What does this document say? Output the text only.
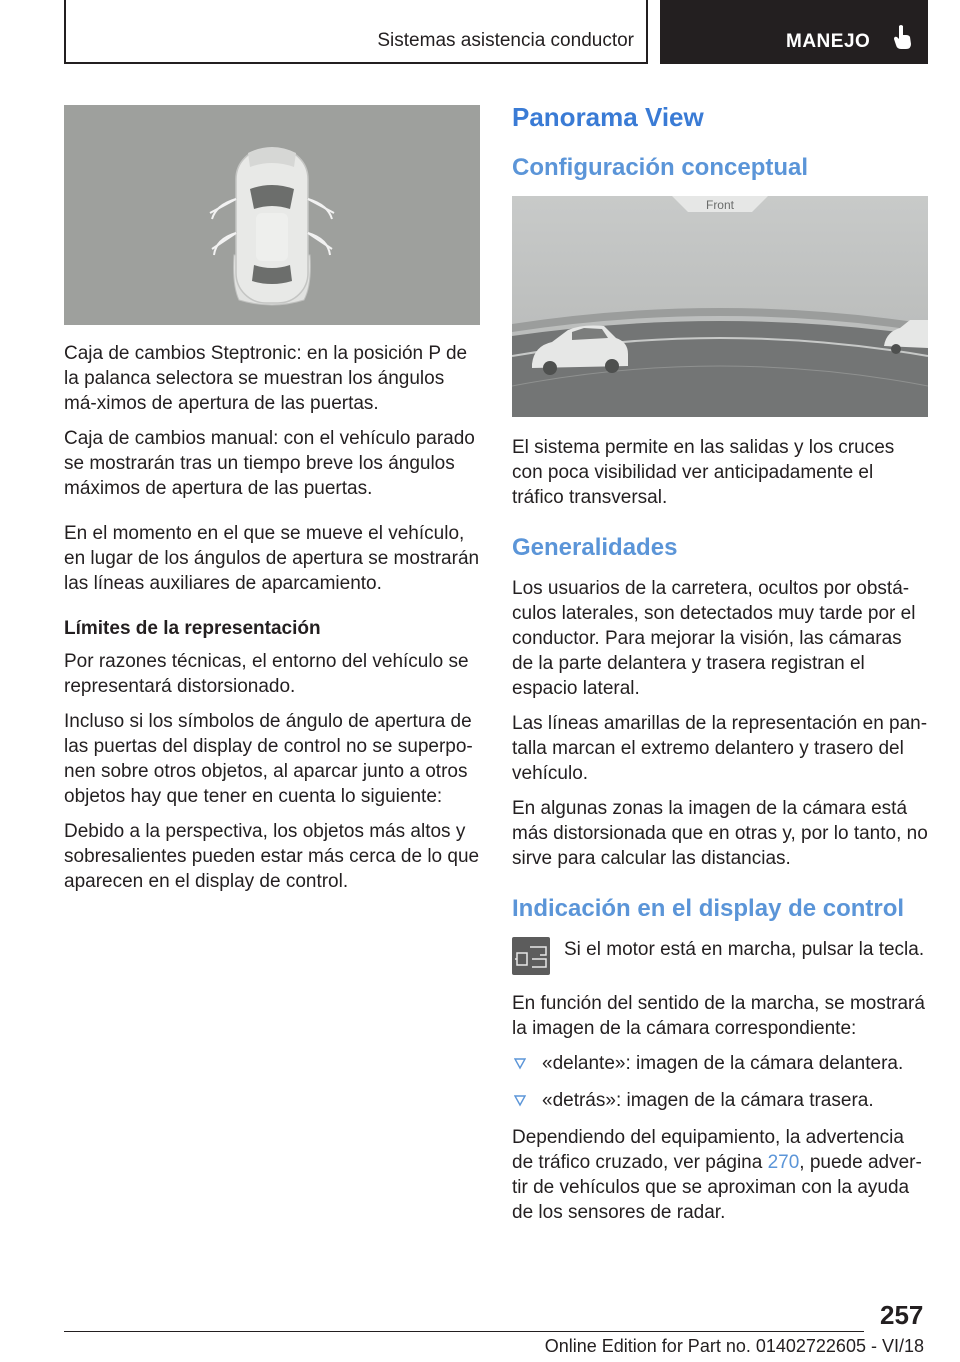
Sistemas asistencia conductor	MANEJO

Caja de cambios Steptronic: en la posición P de la palanca selectora se muestran los ángulos má-ximos de apertura de las puertas.

Caja de cambios manual: con el vehículo parado se mostrarán tras un tiempo breve los ángulos máximos de apertura de las puertas.

En el momento en el que se mueve el vehículo, en lugar de los ángulos de apertura se mostrarán las líneas auxiliares de aparcamiento.

Límites de la representación

Por razones técnicas, el entorno del vehículo se representará distorsionado.

Incluso si los símbolos de ángulo de apertura de las puertas del display de control no se superpo-nen sobre otros objetos, al aparcar junto a otros objetos hay que tener en cuenta lo siguiente:

Debido a la perspectiva, los objetos más altos y sobresalientes pueden estar más cerca de lo que aparecen en el display de control.

Panorama View
Configuración conceptual
Front

El sistema permite en las salidas y los cruces con poca visibilidad ver anticipadamente el tráfico transversal.

Generalidades

Los usuarios de la carretera, ocultos por obstá-culos laterales, son detectados muy tarde por el conductor. Para mejorar la visión, las cámaras de la parte delantera y trasera registran el espacio lateral.

Las líneas amarillas de la representación en pan-talla marcan el extremo delantero y trasero del vehículo.

En algunas zonas la imagen de la cámara está más distorsionada que en otras y, por lo tanto, no sirve para calcular las distancias.

Indicación en el display de control

Si el motor está en marcha, pulsar la tecla.

En función del sentido de la marcha, se mostrará la imagen de la cámara correspondiente:

«delante»: imagen de la cámara delantera.
«detrás»: imagen de la cámara trasera.

Dependiendo del equipamiento, la advertencia de tráfico cruzado, ver página 270, puede adver-tir de vehículos que se aproximan con la ayuda de los sensores de radar.

257
Online Edition for Part no. 01402722605 - VI/18
